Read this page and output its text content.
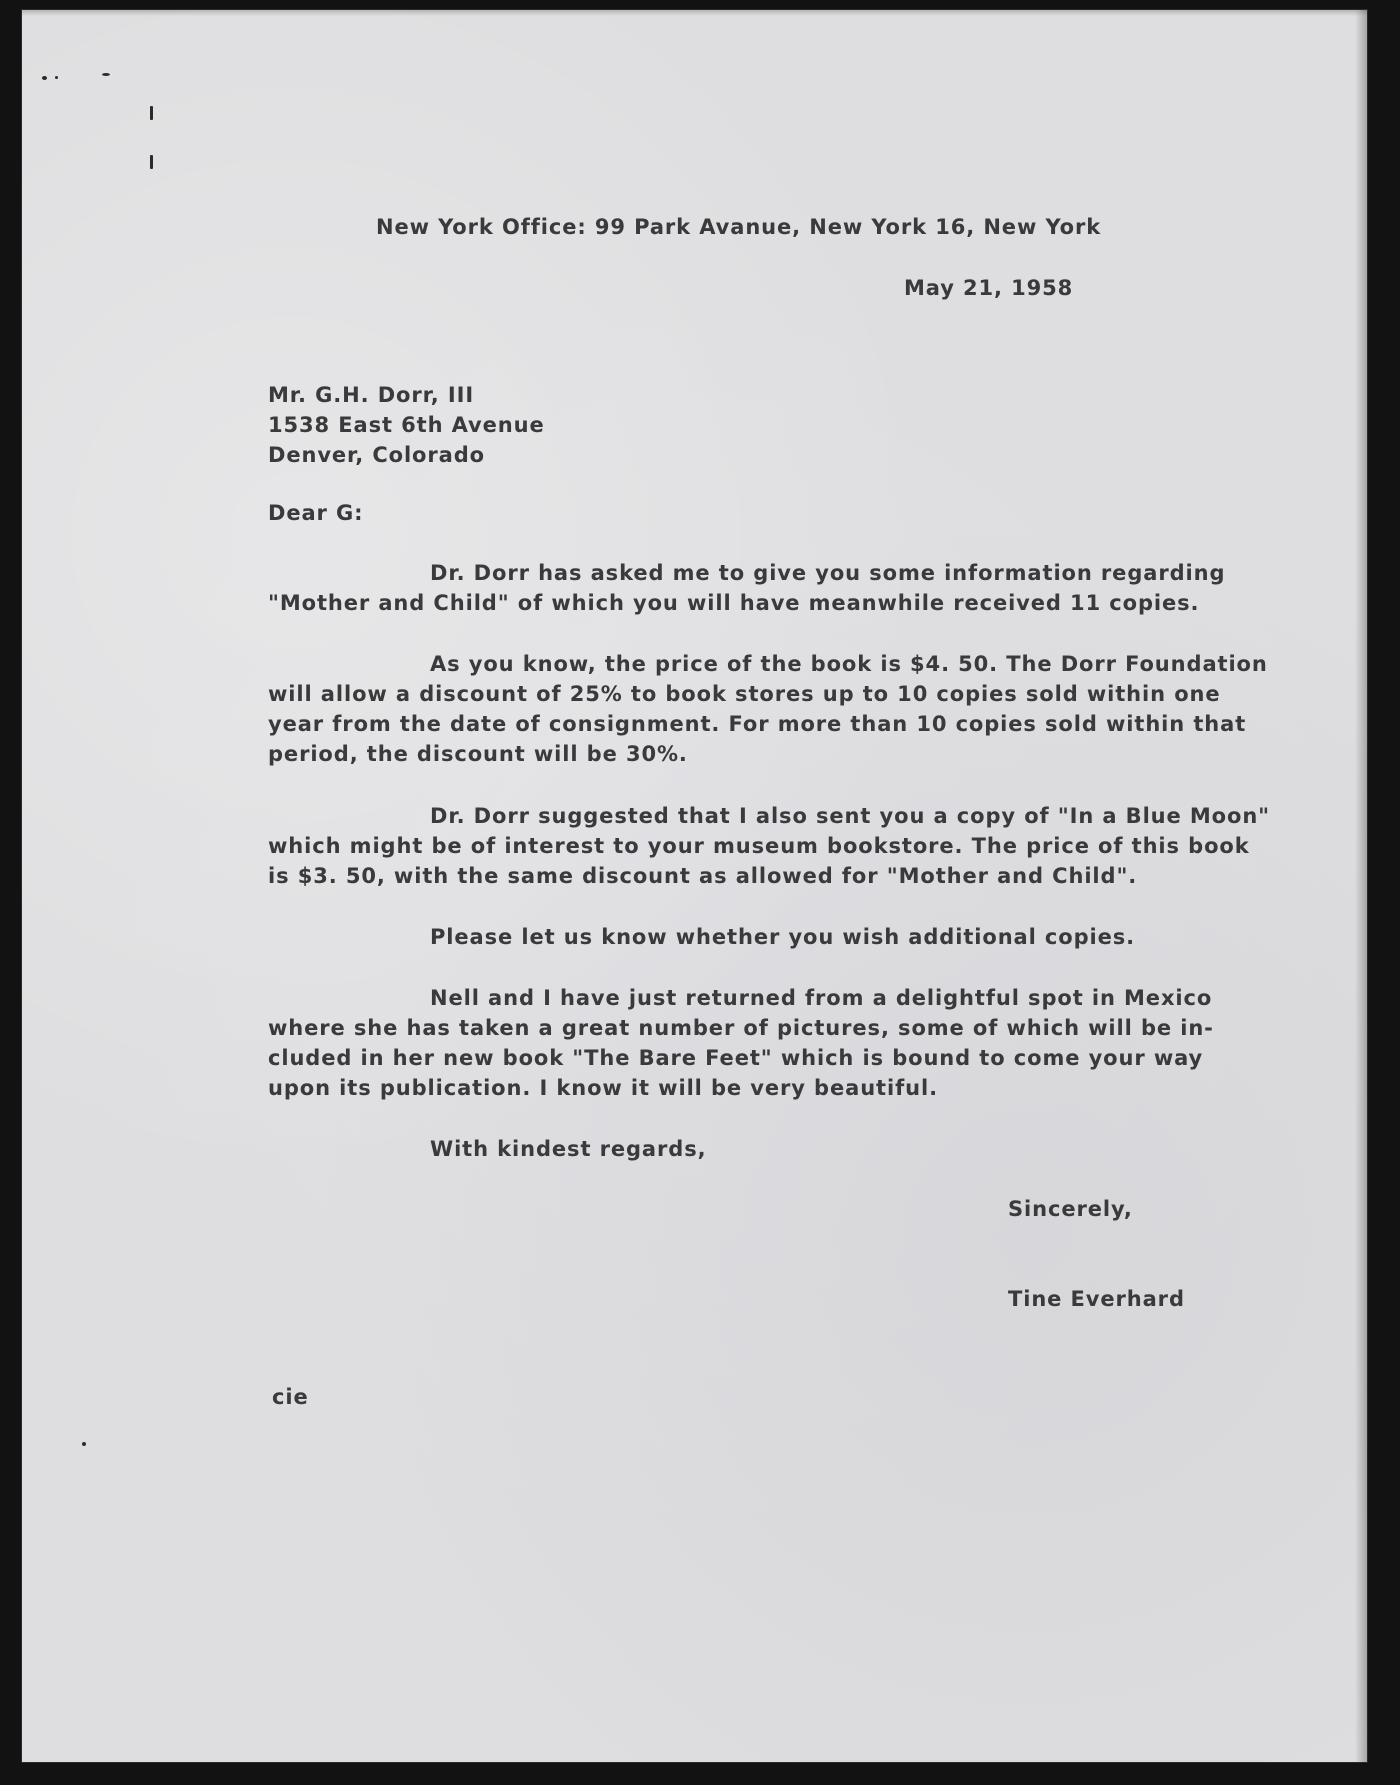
New York Office: 99 Park Avanue, New York 16, New York
May 21, 1958
Mr. G.H. Dorr, III
1538 East 6th Avenue
Denver, Colorado
Dear G:
Dr. Dorr has asked me to give you some information regarding
"Mother and Child" of which you will have meanwhile received 11 copies.
As you know, the price of the book is $4. 50. The Dorr Foundation
will allow a discount of 25% to book stores up to 10 copies sold within one
year from the date of consignment. For more than 10 copies sold within that
period, the discount will be 30%.
Dr. Dorr suggested that I also sent you a copy of "In a Blue Moon"
which might be of interest to your museum bookstore. The price of this book
is $3. 50, with the same discount as allowed for "Mother and Child".
Please let us know whether you wish additional copies.
Nell and I have just returned from a delightful spot in Mexico
where she has taken a great number of pictures, some of which will be in-
cluded in her new book "The Bare Feet" which is bound to come your way
upon its publication. I know it will be very beautiful.
With kindest regards,
Sincerely,
Tine Everhard
cie
